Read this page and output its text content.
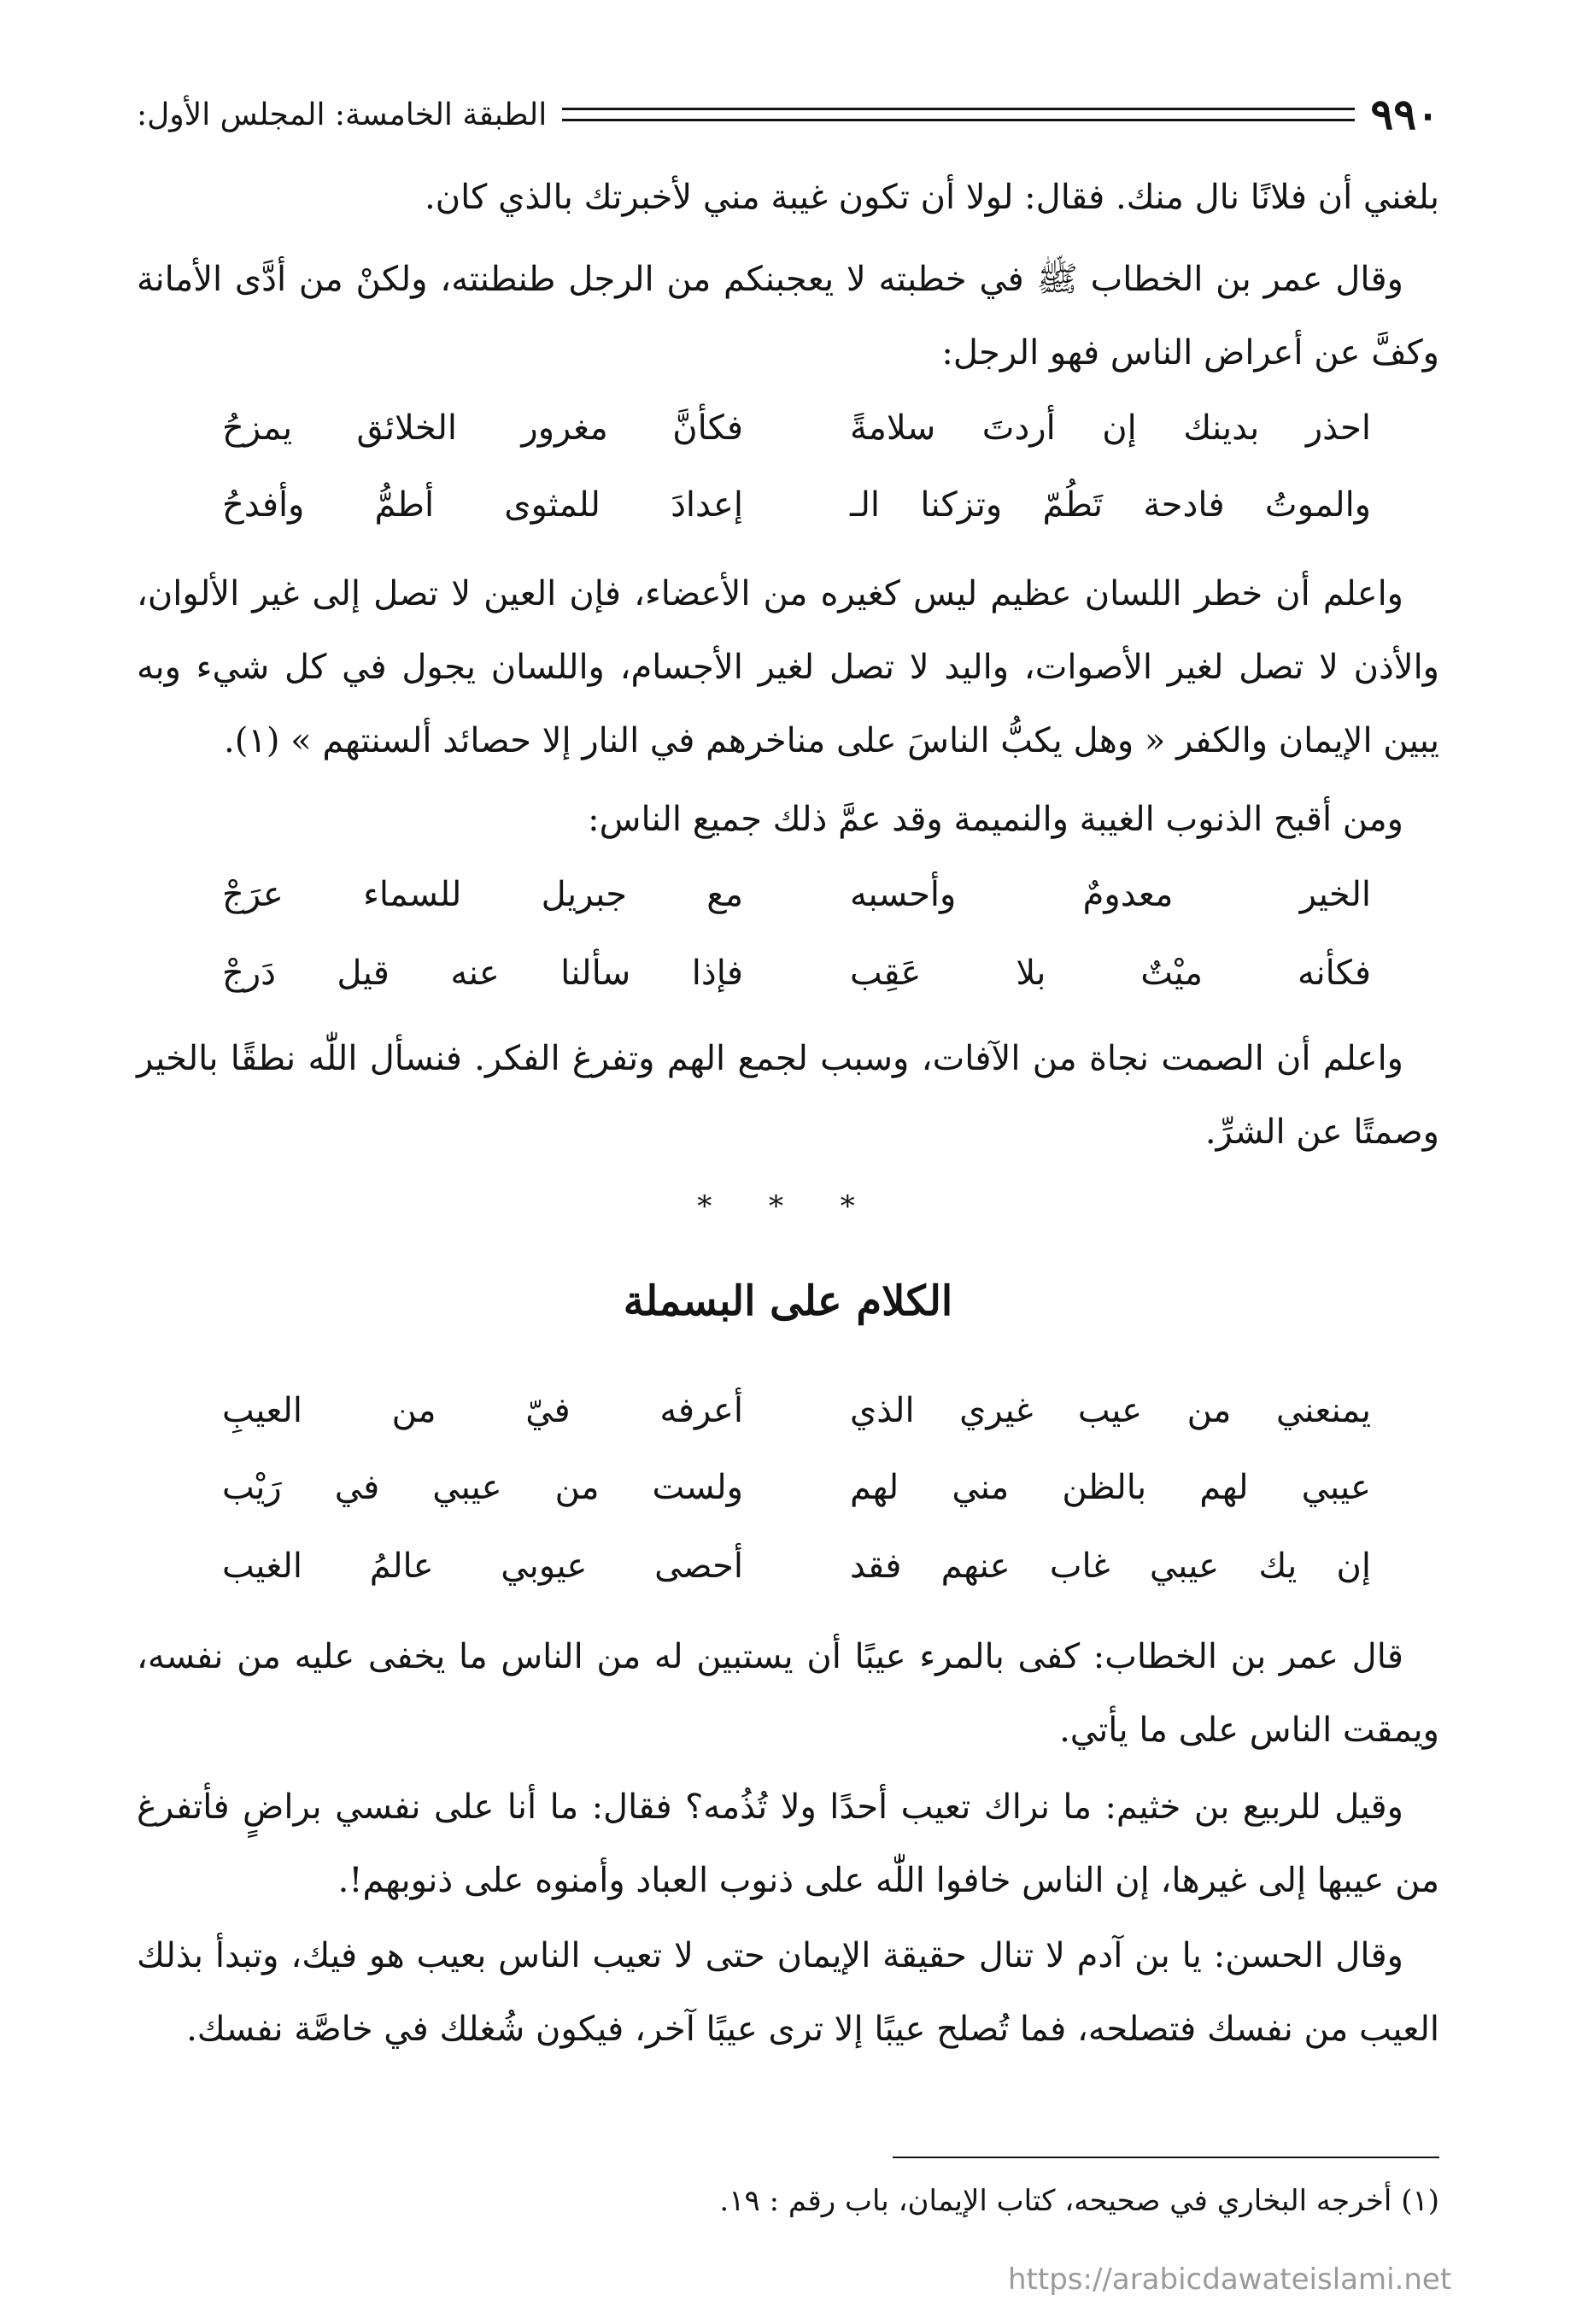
٩٩٠
الطبقة الخامسة: المجلس الأول:
بلغني أن فلانًا نال منك. فقال: لولا أن تكون غيبة مني لأخبرتك بالذي كان.
وقال عمر بن الخطاب ﷺ في خطبته لا يعجبنكم من الرجل طنطنته، ولكنْ من أدَّى الأمانة وكفَّ عن أعراض الناس فهو الرجل:
احذر بدينك إن أردتَ سلامةً
فكأنَّ مغرور الخلائق يمزحُ
والموتُ فادحة تَطُمّ وتزكنا الـ
إعدادَ للمثوى أطمُّ وأفدحُ
واعلم أن خطر اللسان عظيم ليس كغيره من الأعضاء، فإن العين لا تصل إلى غير الألوان، والأذن لا تصل لغير الأصوات، واليد لا تصل لغير الأجسام، واللسان يجول في كل شيء وبه يبين الإيمان والكفر « وهل يكبُّ الناسَ على مناخرهم في النار إلا حصائد ألسنتهم » (١).
ومن أقبح الذنوب الغيبة والنميمة وقد عمَّ ذلك جميع الناس:
الخير معدومٌ وأحسبه
مع جبريل للسماء عرَجْ
فكأنه ميْتٌ بلا عَقِب
فإذا سألنا عنه قيل دَرجْ
واعلم أن الصمت نجاة من الآفات، وسبب لجمع الهم وتفرغ الفكر. فنسأل اللّٰه نطقًا بالخير وصمتًا عن الشرِّ.
* * *
الكلام على البسملة
يمنعني من عيب غيري الذي
أعرفه فيّ من العيبِ
عيبي لهم بالظن مني لهم
ولست من عيبي في رَيْب
إن يك عيبي غاب عنهم فقد
أحصى عيوبي عالمُ الغيب
قال عمر بن الخطاب: كفى بالمرء عيبًا أن يستبين له من الناس ما يخفى عليه من نفسه، ويمقت الناس على ما يأتي.
وقيل للربيع بن خثيم: ما نراك تعيب أحدًا ولا تُذُمه؟ فقال: ما أنا على نفسي براضٍ فأتفرغ من عيبها إلى غيرها، إن الناس خافوا اللّٰه على ذنوب العباد وأمنوه على ذنوبهم!.
وقال الحسن: يا بن آدم لا تنال حقيقة الإيمان حتى لا تعيب الناس بعيب هو فيك، وتبدأ بذلك العيب من نفسك فتصلحه، فما تُصلح عيبًا إلا ترى عيبًا آخر، فيكون شُغلك في خاصَّة نفسك.
(١) أخرجه البخاري في صحيحه، كتاب الإيمان، باب رقم : ١٩.
https://arabicdawateislami.net
